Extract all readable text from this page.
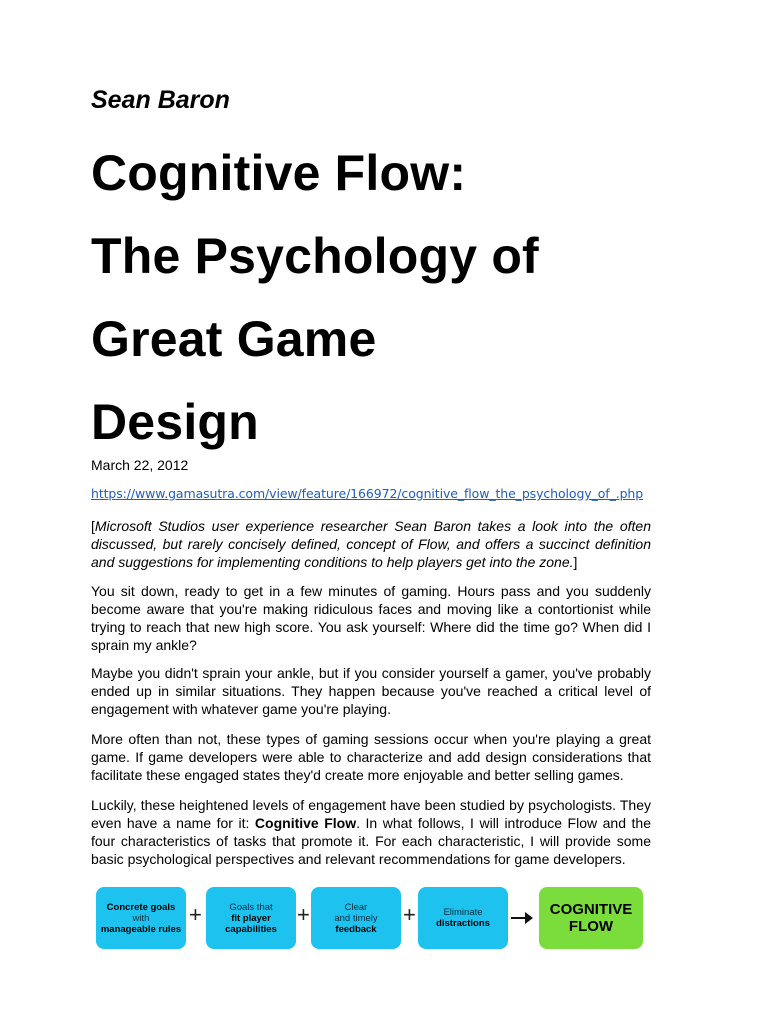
Sean Baron
Cognitive Flow:
The Psychology of
Great Game
Design

March 22, 2012

https://www.gamasutra.com/view/feature/166972/cognitive_flow_the_psychology_of_.php

[Microsoft Studios user experience researcher Sean Baron takes a look into the often
discussed, but rarely concisely defined, concept of Flow, and offers a succinct definition
and suggestions for implementing conditions to help players get into the zone.]

You sit down, ready to get in a few minutes of gaming. Hours pass and you suddenly
become aware that you're making ridiculous faces and moving like a contortionist while
trying to reach that new high score. You ask yourself: Where did the time go? When did I
sprain my ankle?

Maybe you didn't sprain your ankle, but if you consider yourself a gamer, you've probably
ended up in similar situations. They happen because you've reached a critical level of
engagement with whatever game you're playing.

More often than not, these types of gaming sessions occur when you're playing a great
game. If game developers were able to characterize and add design considerations that
facilitate these engaged states they'd create more enjoyable and better selling games.

Luckily, these heightened levels of engagement have been studied by psychologists. They
even have a name for it: Cognitive Flow. In what follows, I will introduce Flow and the
four characteristics of tasks that promote it. For each characteristic, I will provide some
basic psychological perspectives and relevant recommendations for game developers.

Concrete goals
with
manageable rules
+	Goals that
fit player
capabilities
+	Clear
and timely
feedback
+	Eliminate
distractions
COGNITIVE
FLOW
